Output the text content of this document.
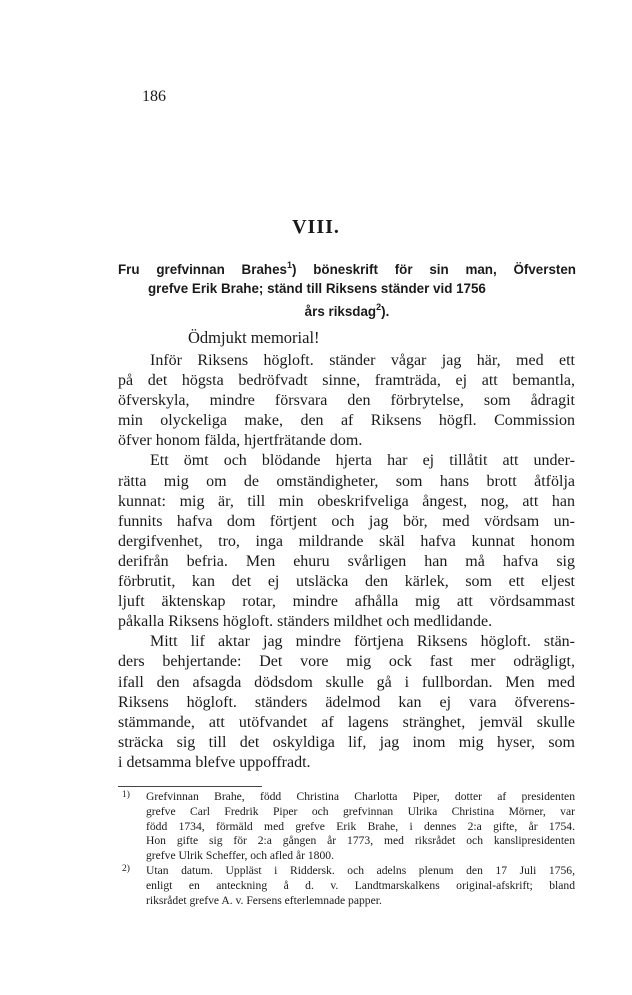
186
VIII.
Fru grefvinnan Brahes$^1$) böneskrift för sin man, Öfversten
grefve Erik Brahe; ständ till Riksens ständer vid 1756
års riksdag$^2$).
Ödmjukt memorial!
Inför Riksens högloft. ständer vågar jag här, med ett
på det högsta bedröfvadt sinne, framträda, ej att bemantla,
öfverskyla, mindre försvara den förbrytelse, som ådragit
min olyckeliga make, den af Riksens högfl. Commission
öfver honom fälda, hjertfrätande dom.
Ett ömt och blödande hjerta har ej tillåtit att under-
rätta mig om de omständigheter, som hans brott åtfölja
kunnat: mig är, till min obeskrifveliga ångest, nog, att han
funnits hafva dom förtjent och jag bör, med vördsam un-
dergifvenhet, tro, inga mildrande skäl hafva kunnat honom
derifrån befria. Men ehuru svårligen han må hafva sig
förbrutit, kan det ej utsläcka den kärlek, som ett eljest
ljuft äktenskap rotar, mindre afhålla mig att vördsammast
påkalla Riksens högloft. ständers mildhet och medlidande.
Mitt lif aktar jag mindre förtjena Riksens högloft. stän-
ders behjertande: Det vore mig ock fast mer odrägligt,
ifall den afsagda dödsdom skulle gå i fullbordan. Men med
Riksens högloft. ständers ädelmod kan ej vara öfverens-
stämmande, att utöfvandet af lagens stränghet, jemväl skulle
sträcka sig till det oskyldiga lif, jag inom mig hyser, som
i detsamma blefve uppoffradt.
1)	Grefvinnan Brahe, född Christina Charlotta Piper, dotter af presidenten
grefve Carl Fredrik Piper och grefvinnan Ulrika Christina Mörner, var
född 1734, förmäld med grefve Erik Brahe, i dennes 2:a gifte, år 1754.
Hon gifte sig för 2:a gången år 1773, med riksrådet och kanslipresidenten
grefve Ulrik Scheffer, och afled år 1800.
2)	Utan datum. Uppläst i Riddersk. och adelns plenum den 17 Juli 1756,
enligt en anteckning å d. v. Landtmarskalkens original-afskrift; bland
riksrådet grefve A. v. Fersens efterlemnade papper.
